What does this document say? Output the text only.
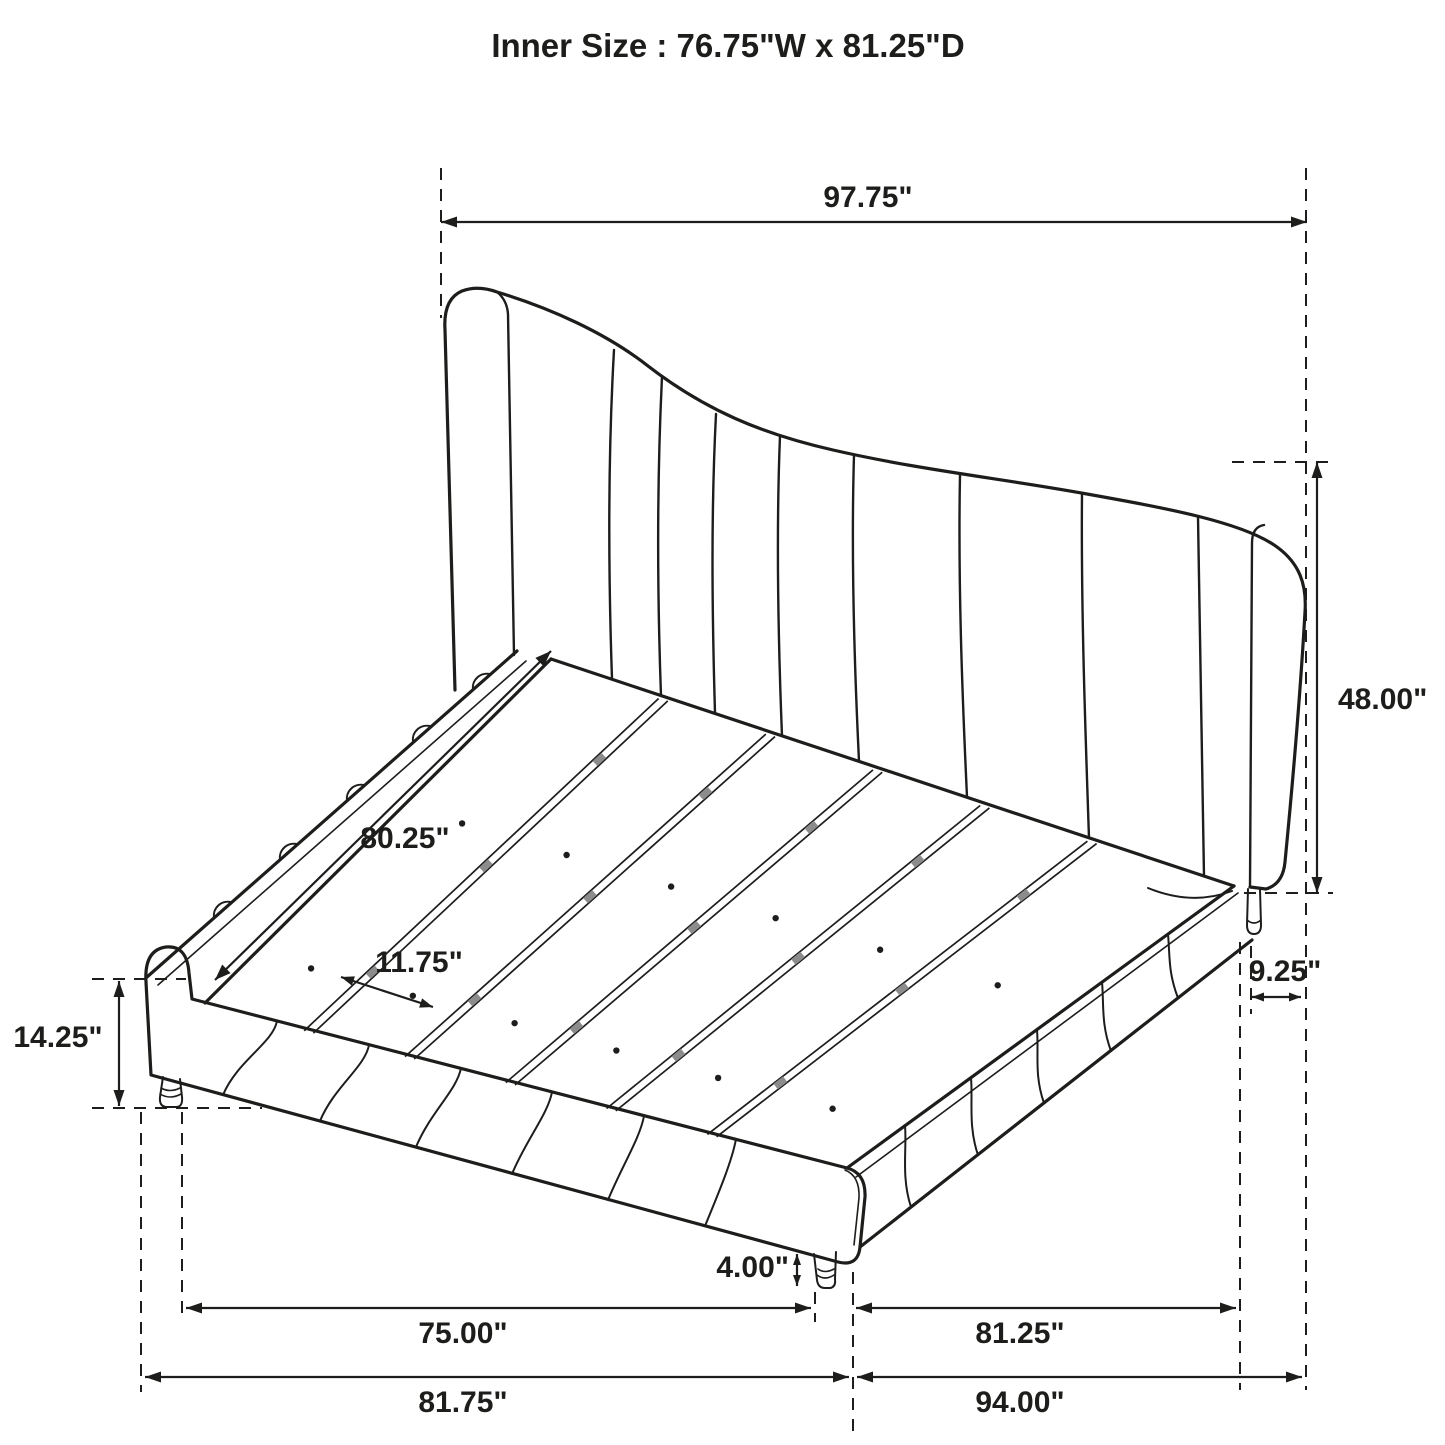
97.75"
48.00"
9.25"
14.25"
80.25"
11.75"
4.00"
75.00"	81.25"
81.75"	94.00"
Inner Size : 76.75"W x 81.25"D
